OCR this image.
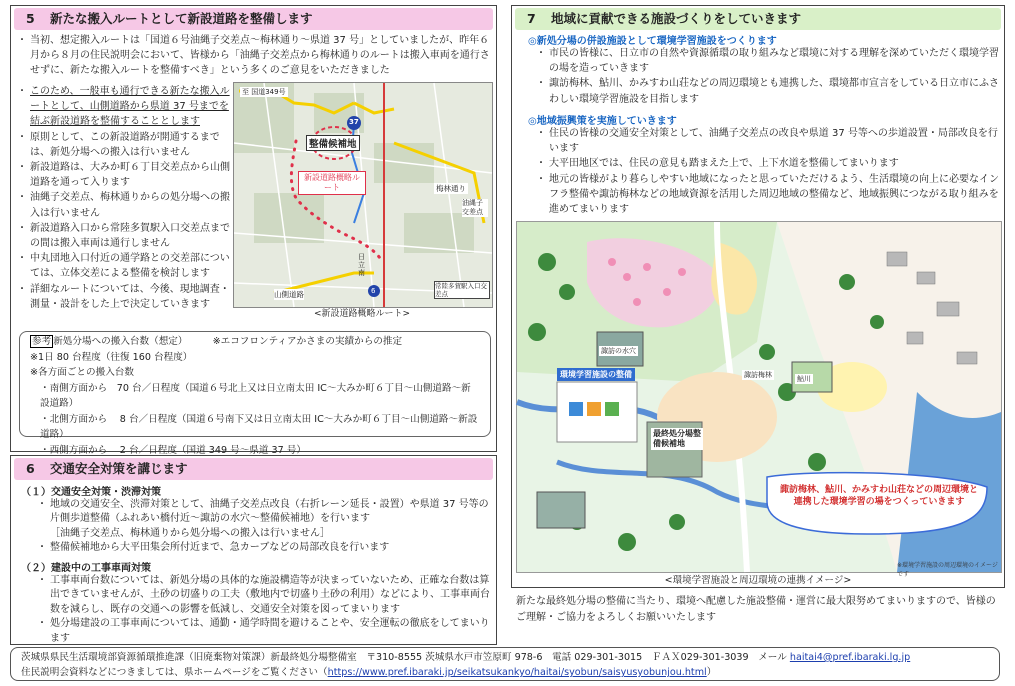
5 新たな搬入ルートとして新設道路を整備します
・ 当初、想定搬入ルートは「国道６号油縄子交差点～梅林通り～県道 37 号」としていましたが、昨年６月から８月の住民説明会において、皆様から「油縄子交差点から梅林通りのルートは搬入車両を通行させずに、新たな搬入ルートを整備すべき」という多くのご意見をいただきました
・ このため、一般車も通行できる新たな搬入ルートとして、山側道路から県道 37 号までを結ぶ新設道路を整備することとします
・ 原則として、この新設道路が開通するまでは、新処分場への搬入は行いません
・ 新設道路は、大みか町６丁目交差点から山側道路を通って入ります
・ 油縄子交差点、梅林通りからの処分場への搬入は行いません
・ 新設道路入口から常陸多賀駅入口交差点までの間は搬入車両は通行しません
・ 中丸団地入口付近の通学路との交差部については、立体交差による整備を検討します
・ 詳細なルートについては、今後、現地調査・測量・設計をした上で決定していきます
至 国道349号
37
整備候補地
新設道路概略ルート	梅林通り
油縄子交差点
常陸多賀駅入口交差点
山側道路
日立南
6
<新設道路概略ルート>
参考 新処分場への搬入台数（想定）	※エコフロンティアかさまの実績からの推定
※1日 80 台程度（往復 160 台程度）
※各方面ごとの搬入台数
・南側方面から　70 台／日程度（国道６号北上又は日立南太田 IC～大みか町６丁目～山側道路～新設道路）
・北側方面から　 8 台／日程度（国道６号南下又は日立南太田 IC～大みか町６丁目～山側道路～新設道路）
・西側方面から　 2 台／日程度（国道 349 号～県道 37 号）
6 交通安全対策を講じます
（１）交通安全対策・渋滞対策
・ 地域の交通安全、渋滞対策として、油縄子交差点改良（右折レーン延長・設置）や県道 37 号等の片側歩道整備（ふれあい橋付近～諏訪の水穴～整備候補地）を行います
［油縄子交差点、梅林通りから処分場への搬入は行いません］
・ 整備候補地から大平田集会所付近まで、急カーブなどの局部改良を行います
（２）建設中の工事車両対策
・ 工事車両台数については、新処分場の具体的な施設構造等が決まっていないため、正確な台数は算出できていませんが、土砂の切盛りの工夫（敷地内で切盛り土砂の利用）などにより、工事車両台数を減らし、既存の交通への影響を低減し、交通安全対策を図ってまいります
・ 処分場建設の工事車両については、通勤・通学時間を避けることや、安全運転の徹底をしてまいります
7 地域に貢献できる施設づくりをしていきます
◎新処分場の併設施設として環境学習施設をつくります
・ 市民の皆様に、日立市の自然や資源循環の取り組みなど環境に対する理解を深めていただく環境学習の場を造っていきます
・ 諏訪梅林、鮎川、かみすわ山荘などの周辺環境とも連携した、環境都市宣言をしている日立市にふさわしい環境学習施設を目指します
◎地域振興策を実施していきます
・ 住民の皆様の交通安全対策として、油縄子交差点の改良や県道 37 号等への歩道設置・局部改良を行います
・ 大平田地区では、住民の意見も踏まえた上で、上下水道を整備してまいります
・ 地元の皆様がより暮らしやすい地域になったと思っていただけるよう、生活環境の向上に必要なインフラ整備や諏訪梅林などの地域資源を活用した周辺地域の整備など、地域振興につながる取り組みを進めてまいります
環境学習施設の整備
最終処分場整備候補地
諏訪の水穴
諏訪梅林	鮎川
諏訪梅林、鮎川、かみすわ山荘などの周辺環境と連携した環境学習の場をつくっていきます
※環境学習施設の周辺環境のイメージです
<環境学習施設と周辺環境の連携イメージ>
新たな最終処分場の整備に当たり、環境へ配慮した施設整備・運営に最大限努めてまいりますので、皆様のご理解・ご協力をよろしくお願いいたします
茨城県県民生活環境部資源循環推進課（旧廃棄物対策課）新最終処分場整備室　〒310-8555 茨城県水戸市笠原町 978-6　電話 029-301-3015　ＦＡＸ029-301-3039　メール haitai4@pref.ibaraki.lg.jp
住民説明会資料などにつきましては、県ホームページをご覧ください（https://www.pref.ibaraki.jp/seikatsukankyo/haitai/syobun/saisyusyobunjou.html）
